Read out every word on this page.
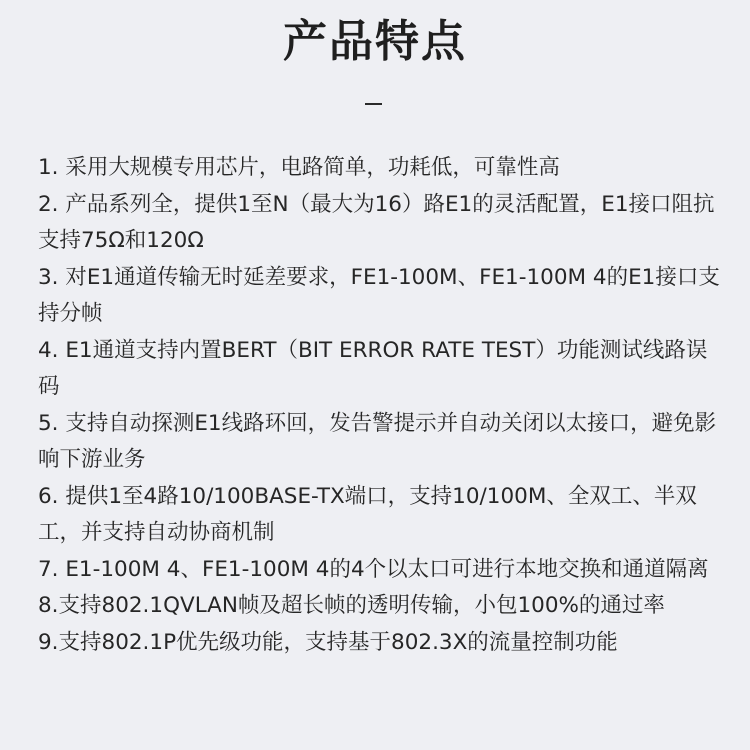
产品特点
1. 采用大规模专用芯片，电路简单，功耗低，可靠性高
2. 产品系列全，提供1至N（最大为16）路E1的灵活配置，E1接口阻抗支持75Ω和120Ω
3. 对E1通道传输无时延差要求，FE1-100M、FE1-100M 4的E1接口支持分帧
4. E1通道支持内置BERT（BIT ERROR RATE TEST）功能测试线路误码
5. 支持自动探测E1线路环回，发告警提示并自动关闭以太接口，避免影响下游业务
6. 提供1至4路10/100BASE-TX端口，支持10/100M、全双工、半双工，并支持自动协商机制
7. E1-100M 4、FE1-100M 4的4个以太口可进行本地交换和通道隔离
8.支持802.1QVLAN帧及超长帧的透明传输，小包100%的通过率
9.支持802.1P优先级功能，支持基于802.3X的流量控制功能
